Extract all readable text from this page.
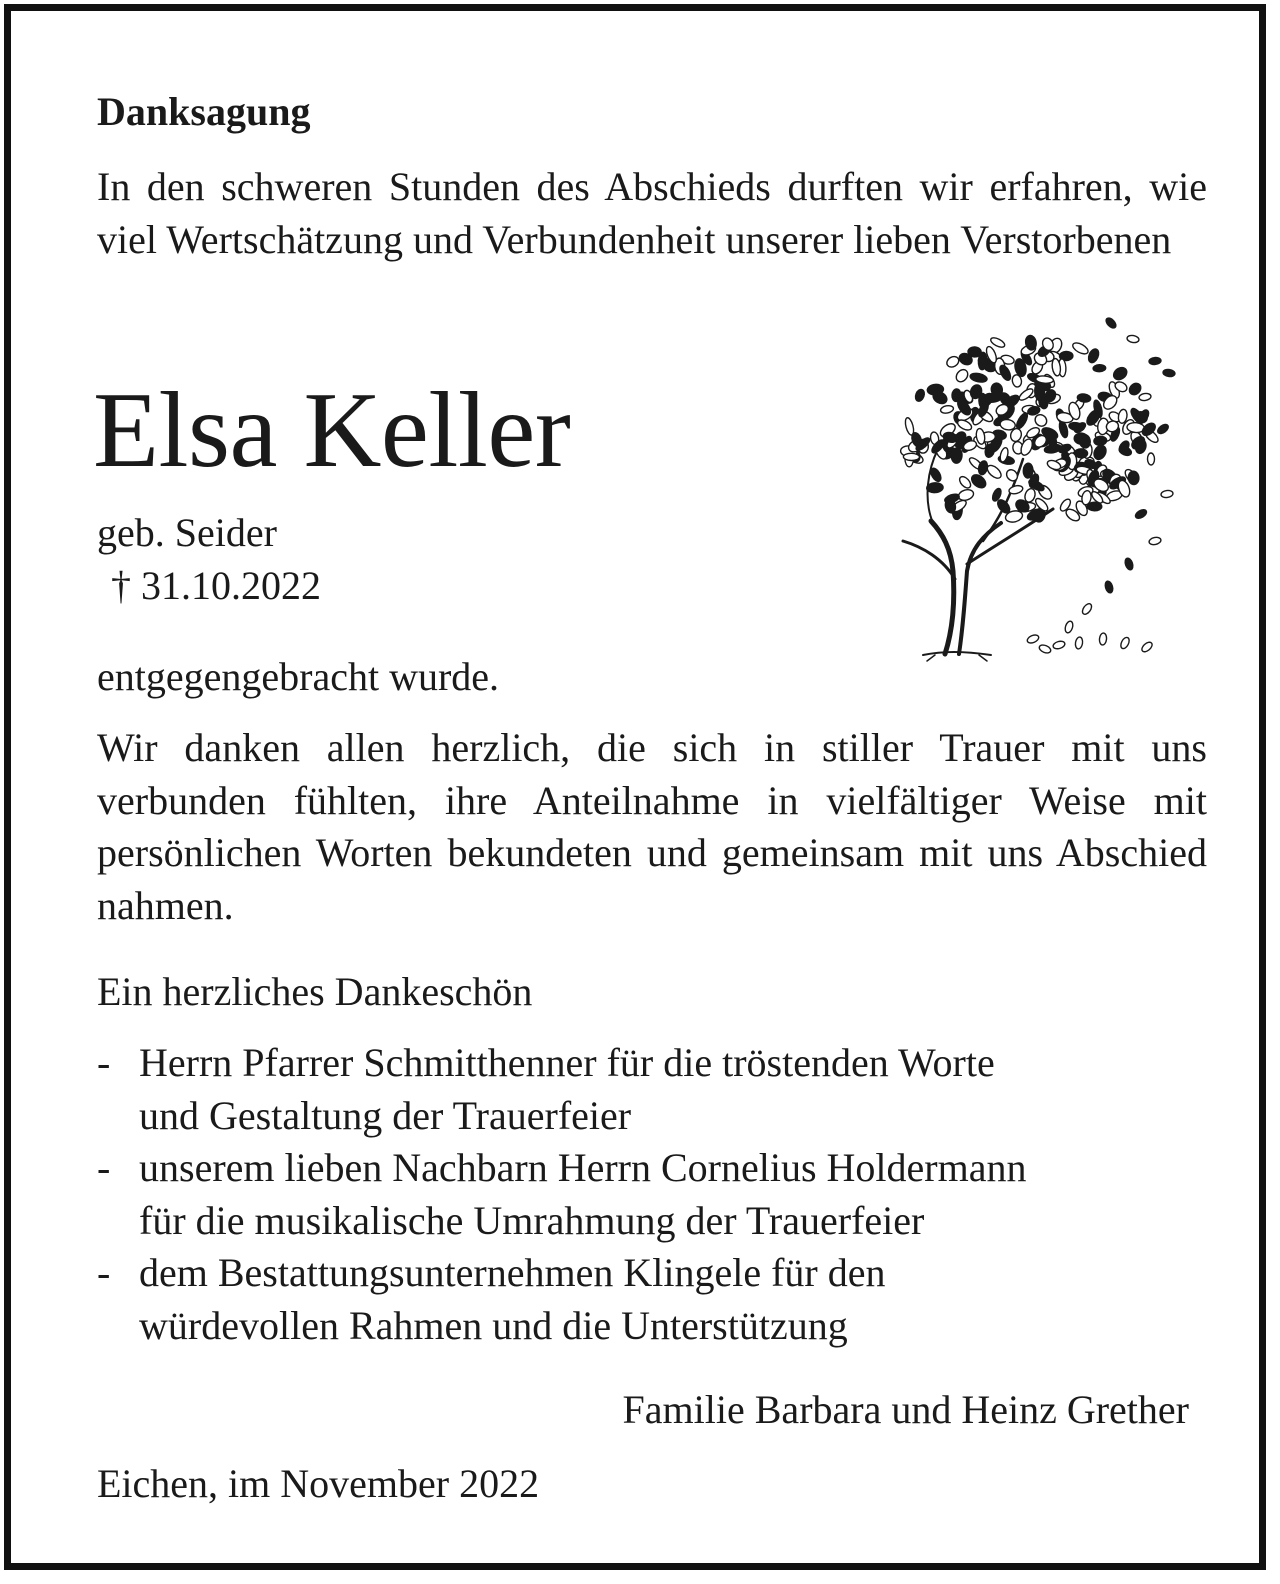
Danksagung
In den schweren Stunden des Abschieds durften wir erfahren, wie viel Wertschätzung und Verbundenheit unserer lieben Verstorbenen
Elsa Keller
geb. Seider
† 31.10.2022
entgegengebracht wurde.
Wir danken allen herzlich, die sich in stiller Trauer mit uns verbunden fühlten, ihre Anteilnahme in vielfältiger Weise mit persönlichen Worten bekundeten und gemeinsam mit uns Abschied nahmen.
Ein herzliches Dankeschön
- Herrn Pfarrer Schmitthenner für die tröstenden Worte
und Gestaltung der Trauerfeier
- unserem lieben Nachbarn Herrn Cornelius Holdermann
für die musikalische Umrahmung der Trauerfeier
- dem Bestattungsunternehmen Klingele für den
würdevollen Rahmen und die Unterstützung
Familie Barbara und Heinz Grether
Eichen, im November 2022
